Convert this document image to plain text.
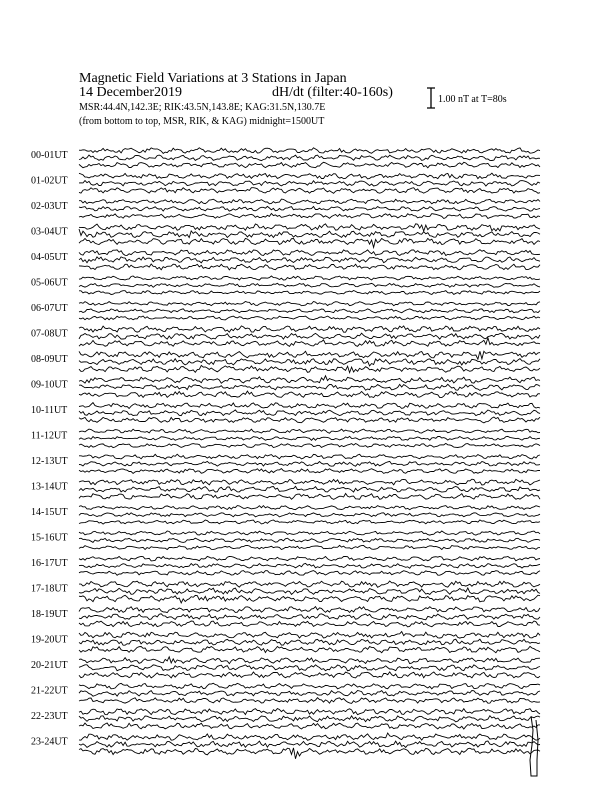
00-01UT
01-02UT
02-03UT
03-04UT
04-05UT
05-06UT
06-07UT
07-08UT
08-09UT
09-10UT
10-11UT
11-12UT
12-13UT
13-14UT
14-15UT
15-16UT
16-17UT
17-18UT
18-19UT
19-20UT
20-21UT
21-22UT
22-23UT
23-24UT
Magnetic Field Variations at 3 Stations in Japan
14 December2019	dH/dt (filter:40-160s)
MSR:44.4N,142.3E; RIK:43.5N,143.8E; KAG:31.5N,130.7E
(from bottom to top, MSR, RIK, & KAG) midnight=1500UT
1.00 nT at T=80s
